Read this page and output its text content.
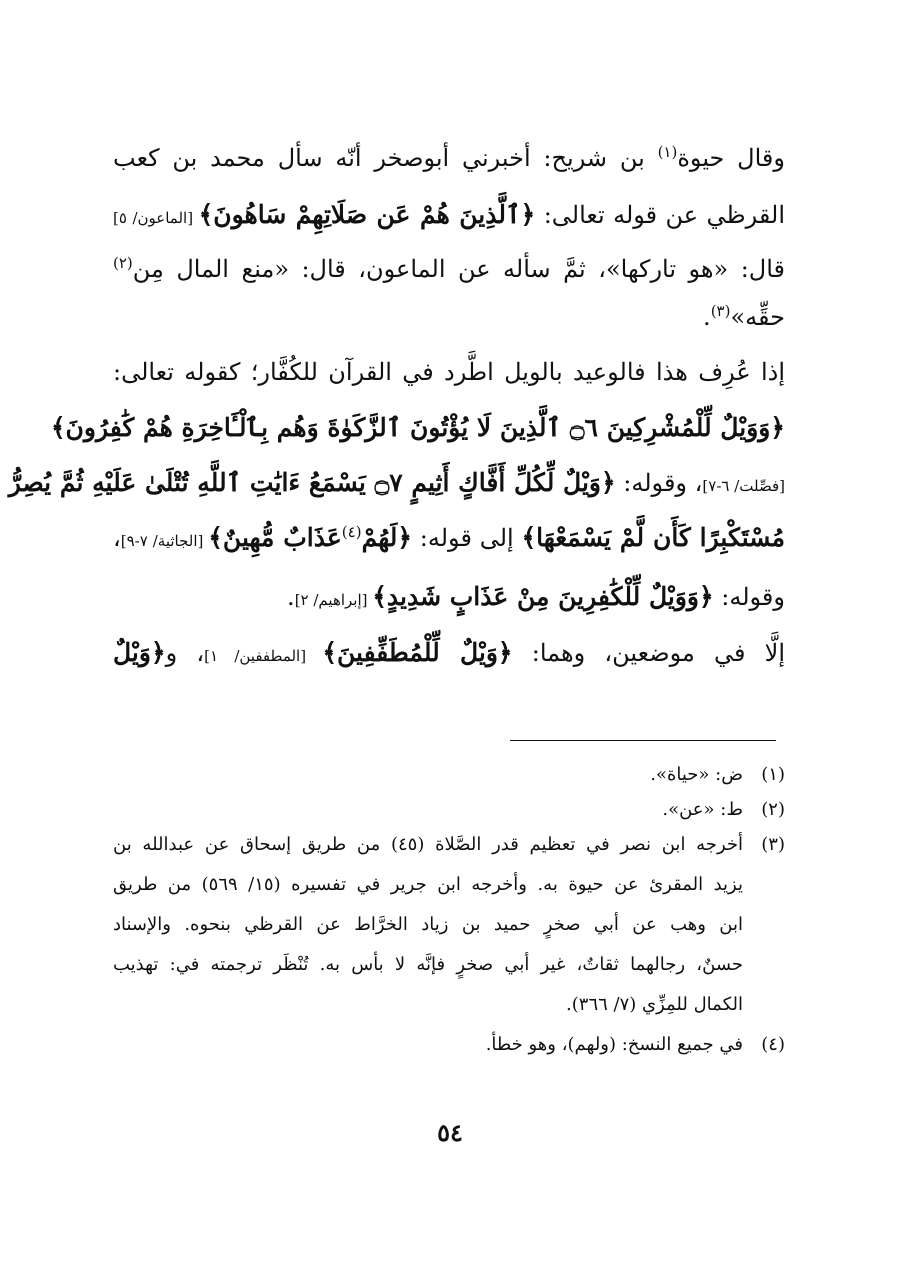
وقال حيوة$^{(١)}$ بن شريح: أخبرني أبوصخر أنّه سأل محمد بن كعب
القرظي عن قوله تعالى: ﴿ٱلَّذِينَ هُمْ عَن صَلَاتِهِمْ سَاهُونَ﴾ [الماعون/ ٥]
قال: «هو تاركها»، ثمَّ سأله عن الماعون، قال: «منع المال مِن$^{(٢)}$
حقِّه»$^{(٣)}$.
إذا عُرِف هذا فالوعيد بالويل اطَّرد في القرآن للكُفَّار؛ كقوله تعالى:
﴿وَوَيْلٌ لِّلْمُشْرِكِينَ ۝٦ ٱلَّذِينَ لَا يُؤْتُونَ ٱلزَّكَوٰةَ وَهُم بِٱلْـَٔاخِرَةِ هُمْ كَٰفِرُونَ﴾
[فصِّلت/ ٦-٧]، وقوله: ﴿وَيْلٌ لِّكُلِّ أَفَّاكٍ أَثِيمٍ ۝٧ يَسْمَعُ ءَايَٰتِ ٱللَّهِ تُتْلَىٰ عَلَيْهِ ثُمَّ يُصِرُّ
مُسْتَكْبِرًا كَأَن لَّمْ يَسْمَعْهَا﴾ إلى قوله: ﴿لَهُمْ$^{(٤)}$عَذَابٌ مُّهِينٌ﴾ [الجاثية/ ٧-٩]،
وقوله: ﴿وَوَيْلٌ لِّلْكَٰفِرِينَ مِنْ عَذَابٍ شَدِيدٍ﴾ [إبراهيم/ ٢].
إلَّا في موضعين، وهما: ﴿وَيْلٌ لِّلْمُطَفِّفِينَ﴾ [المطففين/ ١]، و﴿وَيْلٌ
(١)
ض: «حياة».
(٢)
ط: «عن».
(٣)
أخرجه ابن نصر في تعظيم قدر الصَّلاة (٤٥) من طريق إسحاق عن عبدالله بن
يزيد المقرئ عن حيوة به. وأخرجه ابن جرير في تفسيره (١٥/ ٥٦٩) من طريق
ابن وهب عن أبي صخرٍ حميد بن زياد الخرَّاط عن القرظي بنحوه. والإسناد
حسنٌ، رجالهما ثقاتٌ، غير أبي صخرٍ فإنَّه لا بأس به. تُنْظَر ترجمته في: تهذيب
الكمال للمِزِّي (٧/ ٣٦٦).
(٤)
في جميع النسخ: (ولهم)، وهو خطأ.
٥٤
